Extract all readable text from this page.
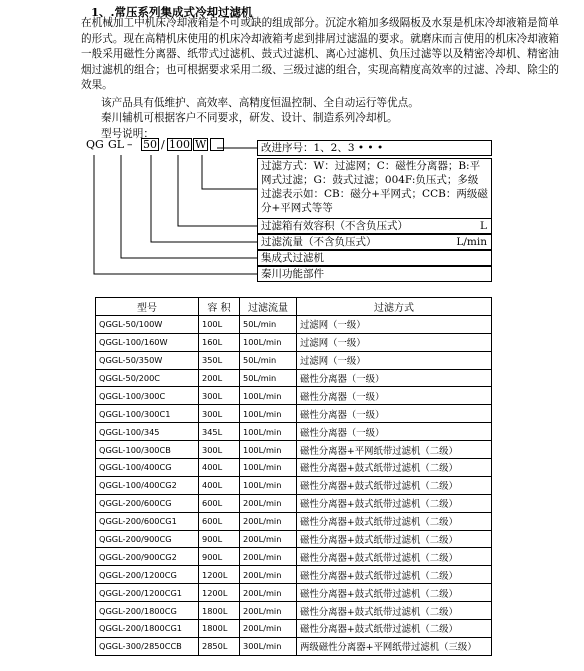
1、.常压系列集成式冷却过滤机
在机械加工中机床冷却液箱是不可或缺的组成部分。沉淀水箱加多级隔板及水泵是机床冷却液箱是简单的形式。现在高精机床使用的机床冷却液箱考虑到排屑过滤温的要求。就磨床而言使用的机床冷却液箱一般采用磁性分离器、纸带式过滤机、鼓式过滤机、离心过滤机、负压过滤等以及精密冷却机、精密油烟过滤机的组合；也可根据要求采用二级、三级过滤的组合，实现高精度高效率的过滤、冷却、除尘的效果。
该产品具有低维护、高效率、高精度恒温控制、全自动运行等优点。
秦川辅机可根据客户不同要求，研发、设计、制造系列冷却机。
型号说明：
QG GL – 50 / 100 W	改进序号：1、2、3 • • •
过滤方式：W：过滤网；C：磁性分离器；B:平网式过滤；G：鼓式过滤；004F:负压式；多级过滤表示如：CB：磁分+平网式；CCB：两级磁分+平网式等等
过滤箱有效容积（不含负压式）	L
过滤流量（不含负压式）	L/min
集成式过滤机
秦川功能部件
型号	容 积	过滤流量	过滤方式
QGGL-50/100W	100L	50L/min	过滤网（一级）
QGGL-100/160W	160L	100L/min	过滤网（一级）
QGGL-50/350W	350L	50L/min	过滤网（一级）
QGGL-50/200C	200L	50L/min	磁性分离器（一级）
QGGL-100/300C	300L	100L/min	磁性分离器（一级）
QGGL-100/300C1	300L	100L/min	磁性分离器（一级）
QGGL-100/345	345L	100L/min	磁性分离器（一级）
QGGL-100/300CB	300L	100L/min	磁性分离器+平网纸带过滤机（二级）
QGGL-100/400CG	400L	100L/min	磁性分离器+鼓式纸带过滤机（二级）
QGGL-100/400CG2	400L	100L/min	磁性分离器+鼓式纸带过滤机（二级）
QGGL-200/600CG	600L	200L/min	磁性分离器+鼓式纸带过滤机（二级）
QGGL-200/600CG1	600L	200L/min	磁性分离器+鼓式纸带过滤机（二级）
QGGL-200/900CG	900L	200L/min	磁性分离器+鼓式纸带过滤机（二级）
QGGL-200/900CG2	900L	200L/min	磁性分离器+鼓式纸带过滤机（二级）
QGGL-200/1200CG	1200L	200L/min	磁性分离器+鼓式纸带过滤机（二级）
QGGL-200/1200CG1	1200L	200L/min	磁性分离器+鼓式纸带过滤机（二级）
QGGL-200/1800CG	1800L	200L/min	磁性分离器+鼓式纸带过滤机（二级）
QGGL-200/1800CG1	1800L	200L/min	磁性分离器+鼓式纸带过滤机（二级）
QGGL-300/2850CCB	2850L	300L/min	两级磁性分离器+平网纸带过滤机（三级）
